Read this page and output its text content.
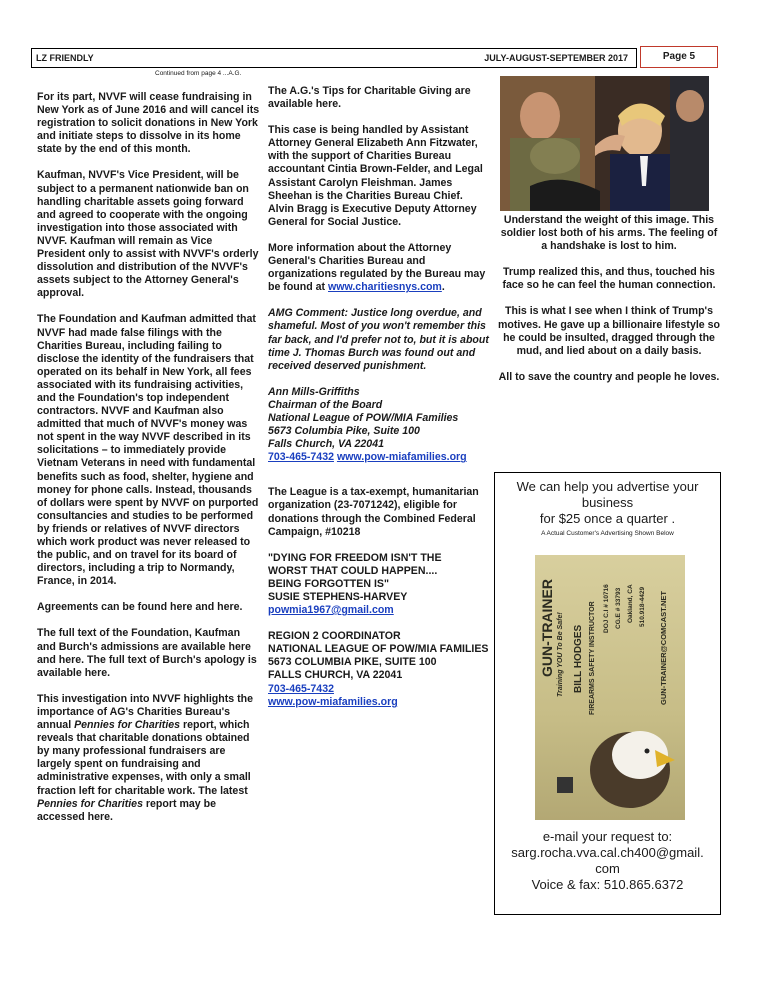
LZ FRIENDLY	JULY-AUGUST-SEPTEMBER 2017	Page 5
Continued from page 4 ...A.G.

For its part, NVVF will cease fundraising in New York as of June 2016 and will cancel its registration to solicit donations in New York and initiate steps to dissolve in its home state by the end of this month.

Kaufman, NVVF's Vice President, will be subject to a permanent nationwide ban on handling charitable assets going forward and agreed to cooperate with the ongoing investigation into those associated with NVVF. Kaufman will remain as Vice President only to assist with NVVF's orderly dissolution and distribution of the NVVF's assets subject to the Attorney General's approval.

The Foundation and Kaufman admitted that NVVF had made false filings with the Charities Bureau, including failing to disclose the identity of the fundraisers that operated on its behalf in New York, all fees associated with its fundraising activities, and the Foundation's top independent contractors. NVVF and Kaufman also admitted that much of NVVF's money was not spent in the way NVVF described in its solicitations – to immediately provide Vietnam Veterans in need with fundamental benefits such as food, shelter, hygiene and money for phone calls. Instead, thousands of dollars were spent by NVVF on purported consultancies and studies to be performed by friends or relatives of NVVF directors which work product was never released to the public, and on travel for its board of directors, including a trip to Normandy, France, in 2014.

Agreements can be found here and here.

The full text of the Foundation, Kaufman and Burch's admissions are available here and here. The full text of Burch's apology is available here.

This investigation into NVVF highlights the importance of AG's Charities Bureau's annual Pennies for Charities report, which reveals that charitable donations obtained by many professional fundraisers are largely spent on fundraising and administrative expenses, with only a small fraction left for charitable work. The latest Pennies for Charities report may be accessed here.

The A.G.'s Tips for Charitable Giving are available here.

This case is being handled by Assistant Attorney General Elizabeth Ann Fitzwater, with the support of Charities Bureau accountant Cintia Brown-Felder, and Legal Assistant Carolyn Fleishman. James Sheehan is the Charities Bureau Chief. Alvin Bragg is Executive Deputy Attorney General for Social Justice.

More information about the Attorney General's Charities Bureau and organizations regulated by the Bureau may be found at www.charitiesnys.com.

AMG Comment: Justice long overdue, and shameful. Most of you won't remember this far back, and I'd prefer not to, but it is about time J. Thomas Burch was found out and received deserved punishment.

Ann Mills-Griffiths
Chairman of the Board
National League of POW/MIA Families
5673 Columbia Pike, Suite 100
Falls Church, VA 22041
703-465-7432 www.pow-miafamilies.org

The League is a tax-exempt, humanitarian organization (23-7071242), eligible for donations through the Combined Federal Campaign, #10218

"DYING FOR FREEDOM ISN'T THE
WORST THAT COULD HAPPEN....
BEING FORGOTTEN IS"
SUSIE STEPHENS-HARVEY
powmia1967@gmail.com

REGION 2 COORDINATOR
NATIONAL LEAGUE OF POW/MIA FAMILIES
5673 COLUMBIA PIKE, SUITE 100
FALLS CHURCH, VA 22041
703-465-7432
www.pow-miafamilies.org

Understand the weight of this image. This soldier lost both of his arms. The feeling of a handshake is lost to him.

Trump realized this, and thus, touched his face so he can feel the human connection.

This is what I see when I think of Trump's motives. He gave up a billionaire lifestyle so he could be insulted, dragged through the mud, and lied about on a daily basis.

All to save the country and people he loves.

We can help you advertise your
business
for $25 once a quarter .
A Actual Customer's Advertising Shown Below
e-mail your request to:
sarg.rocha.vva.cal.ch400@gmail.
com
Voice & fax: 510.865.6372
GUN-TRAINER Training YOU To Be Safe! BILL HODGES FIREARMS SAFETY INSTRUCTOR DOJ C.I # 10716 CG.E # 33793 Oakland, CA 510.918-4429 GUN-TRAINER@COMCAST.NET
